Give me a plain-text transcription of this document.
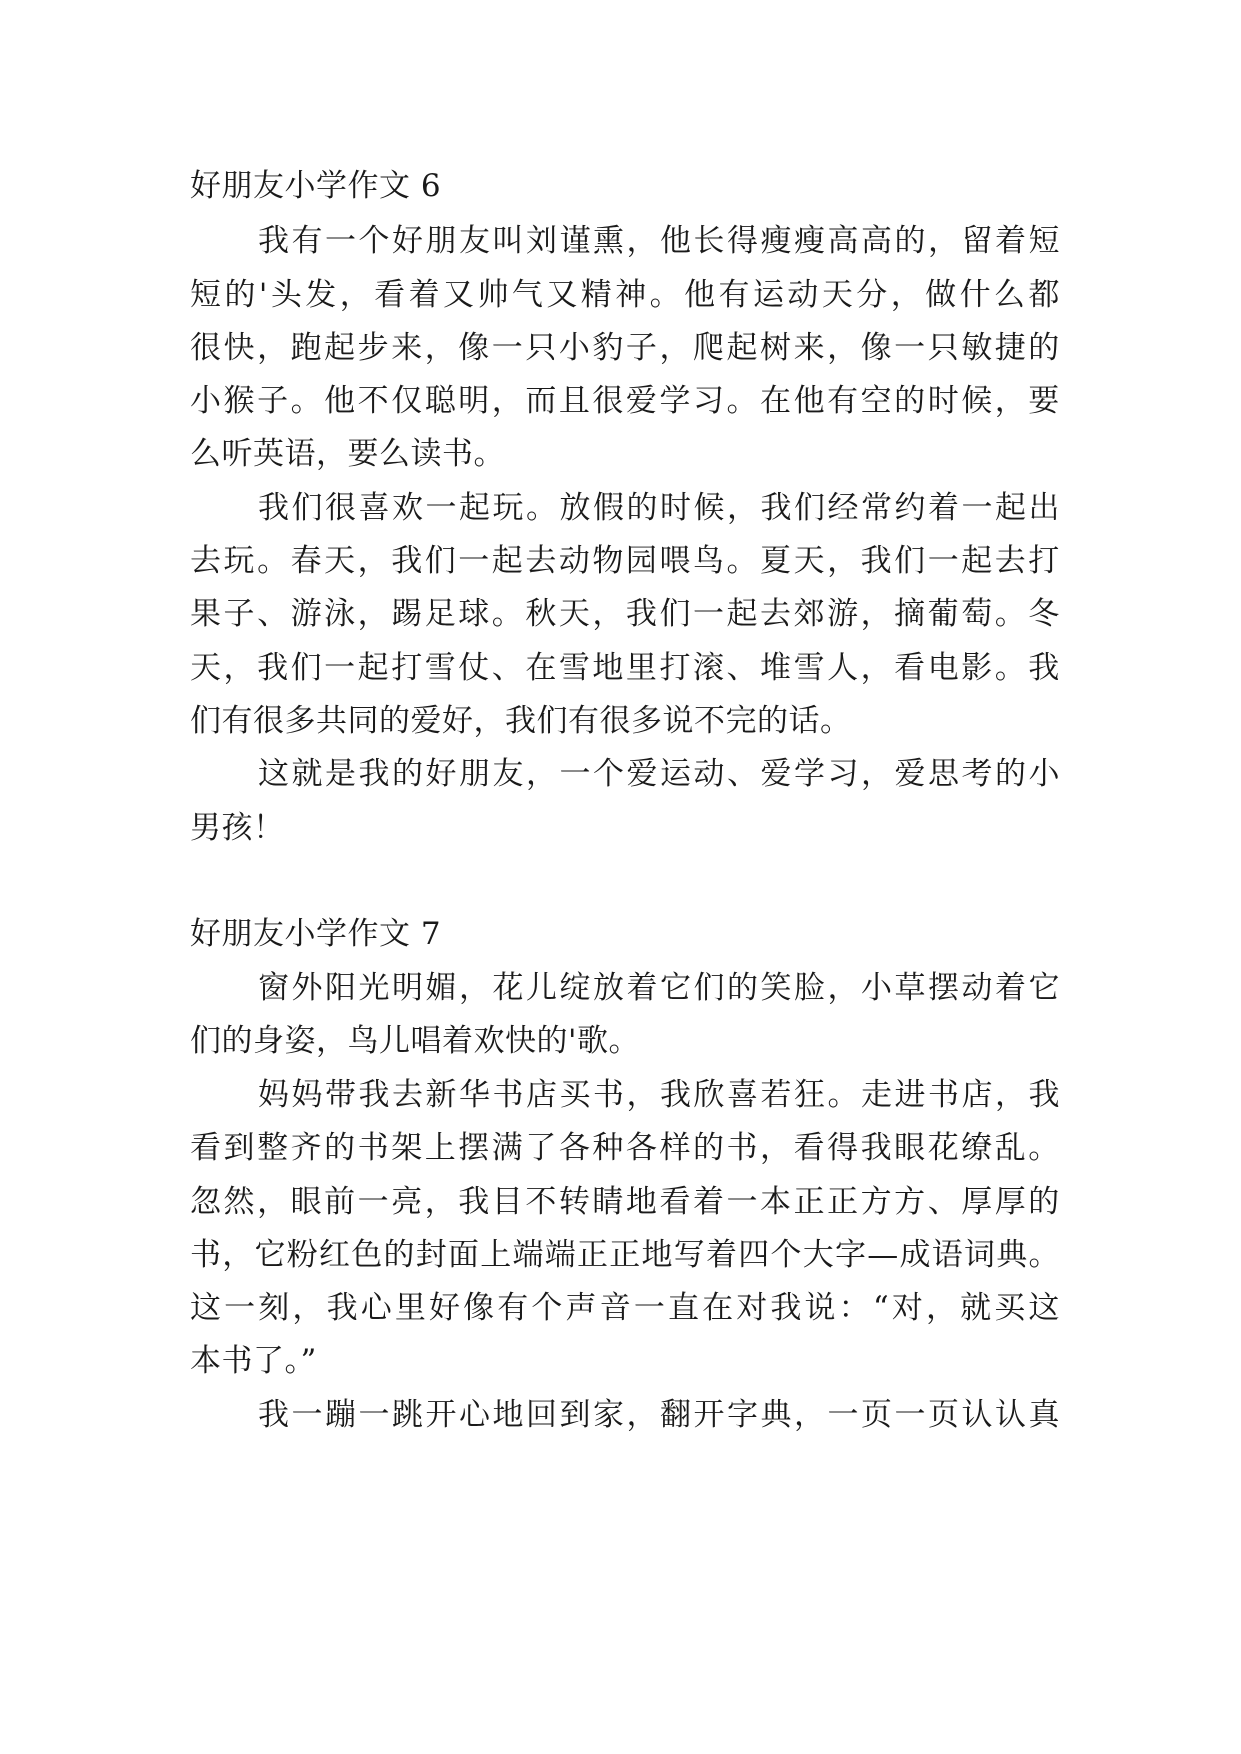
好朋友小学作文 6
我 有 一 个 好 朋 友 叫 刘 谨 熏 ， 他 长 得 瘦 瘦 高 高 的 ， 留 着 短
短 的 ' 头 发 ， 看 着 又 帅 气 又 精 神 。 他 有 运 动 天 分 ， 做 什 么 都
很 快 ， 跑 起 步 来 ， 像 一 只 小 豹 子 ， 爬 起 树 来 ， 像 一 只 敏 捷 的
小 猴 子 。 他 不 仅 聪 明 ， 而 且 很 爱 学 习 。 在 他 有 空 的 时 候 ， 要
么听英语，要么读书。
我 们 很 喜 欢 一 起 玩 。 放 假 的 时 候 ， 我 们 经 常 约 着 一 起 出
去 玩 。 春 天 ， 我 们 一 起 去 动 物 园 喂 鸟 。 夏 天 ， 我 们 一 起 去 打
果 子 、 游 泳 ， 踢 足 球 。 秋 天 ， 我 们 一 起 去 郊 游 ， 摘 葡 萄 。 冬
天 ， 我 们 一 起 打 雪 仗 、 在 雪 地 里 打 滚 、 堆 雪 人 ， 看 电 影 。 我
们有很多共同的爱好，我们有很多说不完的话。
这 就 是 我 的 好 朋 友 ， 一 个 爱 运 动 、 爱 学 习 ， 爱 思 考 的 小
男孩！
好朋友小学作文 7
窗 外 阳 光 明 媚 ， 花 儿 绽 放 着 它 们 的 笑 脸 ， 小 草 摆 动 着 它
们的身姿，鸟儿唱着欢快的'歌。
妈 妈 带 我 去 新 华 书 店 买 书 ， 我 欣 喜 若 狂 。 走 进 书 店 ， 我
看 到 整 齐 的 书 架 上 摆 满 了 各 种 各 样 的 书 ， 看 得 我 眼 花 缭 乱 。
忽 然 ， 眼 前 一 亮 ， 我 目 不 转 睛 地 看 着 一 本 正 正 方 方 、 厚 厚 的
书 ， 它 粉 红 色 的 封 面 上 端 端 正 正 地 写 着 四 个 大 字 — 成 语 词 典 。
这 一 刻 ， 我 心 里 好 像 有 个 声 音 一 直 在 对 我 说 ： “ 对 ， 就 买 这
本书了。”
我 一 蹦 一 跳 开 心 地 回 到 家 ， 翻 开 字 典 ， 一 页 一 页 认 认 真
